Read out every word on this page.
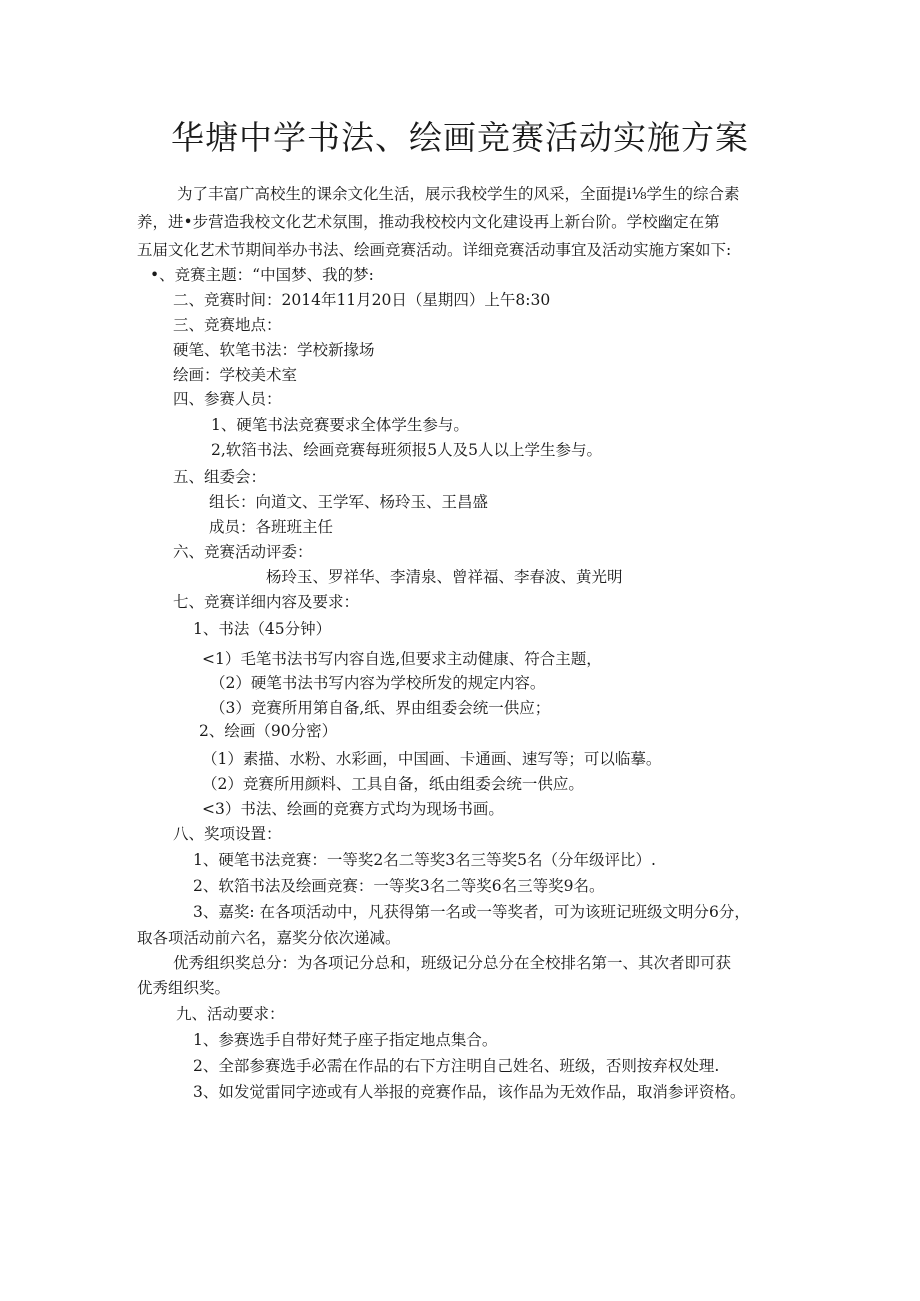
华塘中学书法、绘画竞赛活动实施方案
为了丰富广高校生的课余文化生活，展示我校学生的风采，全面提i⅛学生的综合素
养，进•步营造我校文化艺术氛围，推动我校校内文化建设再上新台阶。学校幽定在第
五届文化艺术节期间举办书法、绘画竞赛活动。详细竞赛活动事宜及活动实施方案如下:
•、竞赛主题：“中国梦、我的梦:
二、竞赛时间：2014年11月20日（星期四）上午8:30
三、竞赛地点：
硬笔、软笔书法：学校新掾场
绘画：学校美术室
四、参赛人员：
1、硬笔书法竞赛要求全体学生参与。
2,软箔书法、绘画竞赛每班须报5人及5人以上学生参与。
五、组委会：
组长：向道文、王学军、杨玲玉、王昌盛
成员：各班班主任
六、竞赛活动评委：
杨玲玉、罗祥华、李清泉、曾祥福、李春波、黄光明
七、竞赛详细内容及要求：
1、书法（45分钟）
<1）毛笔书法书写内容自选,但要求主动健康、符合主题，
（2）硬笔书法书写内容为学校所发的规定内容。
（3）竞赛所用第自备,纸、界由组委会统一供应；
2、绘画（90分密）
（1）素描、水粉、水彩画，中国画、卡通画、速写等；可以临摹。
（2）竞赛所用颜料、工具自备，纸由组委会统一供应。
<3）书法、绘画的竞赛方式均为现场书画。
八、奖项设置：
1、硬笔书法竞赛：一等奖2名二等奖3名三等奖5名（分年级评比）.
2、软箔书法及绘画竞赛：一等奖3名二等奖6名三等奖9名。
3、嘉奖: 在各项活动中，凡获得第一名或一等奖者，可为该班记班级文明分6分，
取各项活动前六名，嘉奖分依次递减。
优秀组织奖总分：为各项记分总和，班级记分总分在全校排名第一、其次者即可获
优秀组织奖。
九、活动要求：
1、参赛选手自带好梵子座子指定地点集合。
2、全部参赛选手必需在作品的右下方注明自己姓名、班级，否则按弃权处理.
3、如发觉雷同字迹或有人举报的竞赛作品，该作品为无效作品，取消参评资格。
